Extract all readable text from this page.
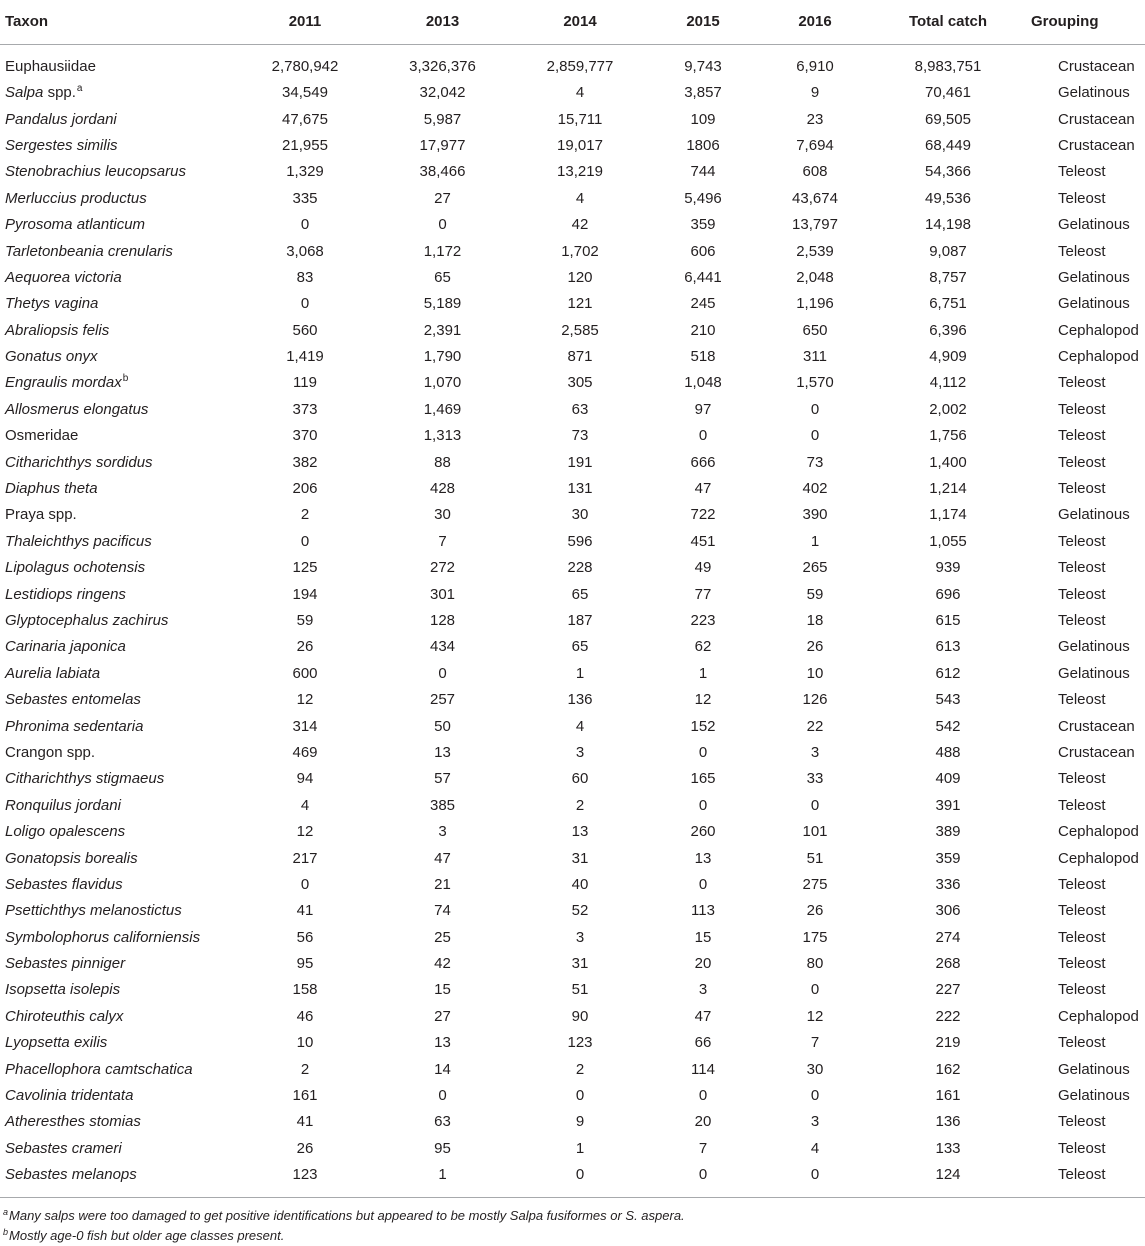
Taxon	2011	2013	2014	2015	2016	Total catch	Grouping
Euphausiidae	2,780,942	3,326,376	2,859,777	9,743	6,910	8,983,751	Crustacean
Salpa spp.$^a$	34,549	32,042	4	3,857	9	70,461	Gelatinous
Pandalus jordani	47,675	5,987	15,711	109	23	69,505	Crustacean
Sergestes similis	21,955	17,977	19,017	1806	7,694	68,449	Crustacean
Stenobrachius leucopsarus	1,329	38,466	13,219	744	608	54,366	Teleost
Merluccius productus	335	27	4	5,496	43,674	49,536	Teleost
Pyrosoma atlanticum	0	0	42	359	13,797	14,198	Gelatinous
Tarletonbeania crenularis	3,068	1,172	1,702	606	2,539	9,087	Teleost
Aequorea victoria	83	65	120	6,441	2,048	8,757	Gelatinous
Thetys vagina	0	5,189	121	245	1,196	6,751	Gelatinous
Abraliopsis felis	560	2,391	2,585	210	650	6,396	Cephalopod
Gonatus onyx	1,419	1,790	871	518	311	4,909	Cephalopod
Engraulis mordax$^b$	119	1,070	305	1,048	1,570	4,112	Teleost
Allosmerus elongatus	373	1,469	63	97	0	2,002	Teleost
Osmeridae	370	1,313	73	0	0	1,756	Teleost
Citharichthys sordidus	382	88	191	666	73	1,400	Teleost
Diaphus theta	206	428	131	47	402	1,214	Teleost
Praya spp.	2	30	30	722	390	1,174	Gelatinous
Thaleichthys pacificus	0	7	596	451	1	1,055	Teleost
Lipolagus ochotensis	125	272	228	49	265	939	Teleost
Lestidiops ringens	194	301	65	77	59	696	Teleost
Glyptocephalus zachirus	59	128	187	223	18	615	Teleost
Carinaria japonica	26	434	65	62	26	613	Gelatinous
Aurelia labiata	600	0	1	1	10	612	Gelatinous
Sebastes entomelas	12	257	136	12	126	543	Teleost
Phronima sedentaria	314	50	4	152	22	542	Crustacean
Crangon spp.	469	13	3	0	3	488	Crustacean
Citharichthys stigmaeus	94	57	60	165	33	409	Teleost
Ronquilus jordani	4	385	2	0	0	391	Teleost
Loligo opalescens	12	3	13	260	101	389	Cephalopod
Gonatopsis borealis	217	47	31	13	51	359	Cephalopod
Sebastes flavidus	0	21	40	0	275	336	Teleost
Psettichthys melanostictus	41	74	52	113	26	306	Teleost
Symbolophorus californiensis	56	25	3	15	175	274	Teleost
Sebastes pinniger	95	42	31	20	80	268	Teleost
Isopsetta isolepis	158	15	51	3	0	227	Teleost
Chiroteuthis calyx	46	27	90	47	12	222	Cephalopod
Lyopsetta exilis	10	13	123	66	7	219	Teleost
Phacellophora camtschatica	2	14	2	114	30	162	Gelatinous
Cavolinia tridentata	161	0	0	0	0	161	Gelatinous
Atheresthes stomias	41	63	9	20	3	136	Teleost
Sebastes crameri	26	95	1	7	4	133	Teleost
Sebastes melanops	123	1	0	0	0	124	Teleost
$^a$Many salps were too damaged to get positive identifications but appeared to be mostly Salpa fusiformes or S. aspera.
$^b$Mostly age-0 fish but older age classes present.
